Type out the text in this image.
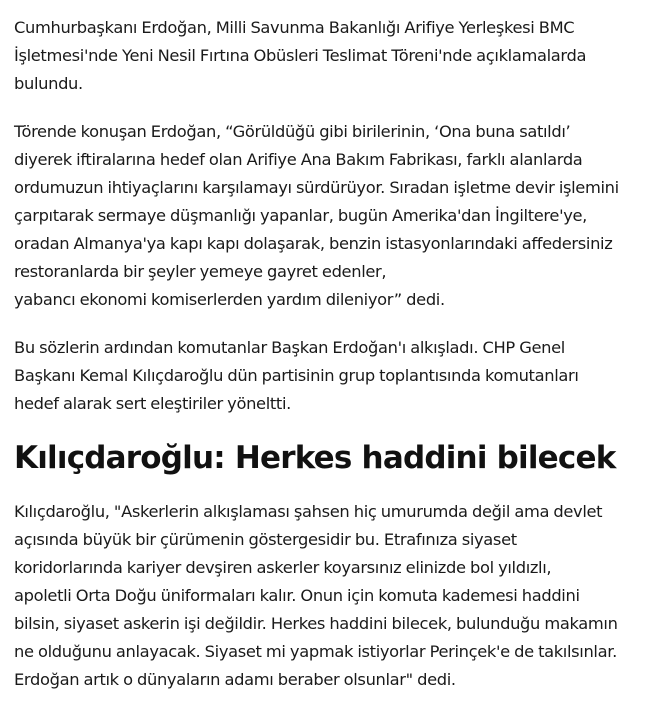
Cumhurbaşkanı Erdoğan, Milli Savunma Bakanlığı Arifiye Yerleşkesi BMC
İşletmesi'nde Yeni Nesil Fırtına Obüsleri Teslimat Töreni'nde açıklamalarda
bulundu.

Törende konuşan Erdoğan, “Görüldüğü gibi birilerinin, ‘Ona buna satıldı’
diyerek iftiralarına hedef olan Arifiye Ana Bakım Fabrikası, farklı alanlarda
ordumuzun ihtiyaçlarını karşılamayı sürdürüyor. Sıradan işletme devir işlemini
çarpıtarak sermaye düşmanlığı yapanlar, bugün Amerika'dan İngiltere'ye,
oradan Almanya'ya kapı kapı dolaşarak, benzin istasyonlarındaki affedersiniz
restoranlarda bir şeyler yemeye gayret edenler,
yabancı ekonomi komiserlerden yardım dileniyor” dedi.

Bu sözlerin ardından komutanlar Başkan Erdoğan'ı alkışladı. CHP Genel
Başkanı Kemal Kılıçdaroğlu dün partisinin grup toplantısında komutanları
hedef alarak sert eleştiriler yöneltti.

Kılıçdaroğlu: Herkes haddini bilecek

Kılıçdaroğlu, "Askerlerin alkışlaması şahsen hiç umurumda değil ama devlet
açısında büyük bir çürümenin göstergesidir bu. Etrafınıza siyaset
koridorlarında kariyer devşiren askerler koyarsınız elinizde bol yıldızlı,
apoletli Orta Doğu üniformaları kalır. Onun için komuta kademesi haddini
bilsin, siyaset askerin işi değildir. Herkes haddini bilecek, bulunduğu makamın
ne olduğunu anlayacak. Siyaset mi yapmak istiyorlar Perinçek'e de takılsınlar.
Erdoğan artık o dünyaların adamı beraber olsunlar" dedi.
